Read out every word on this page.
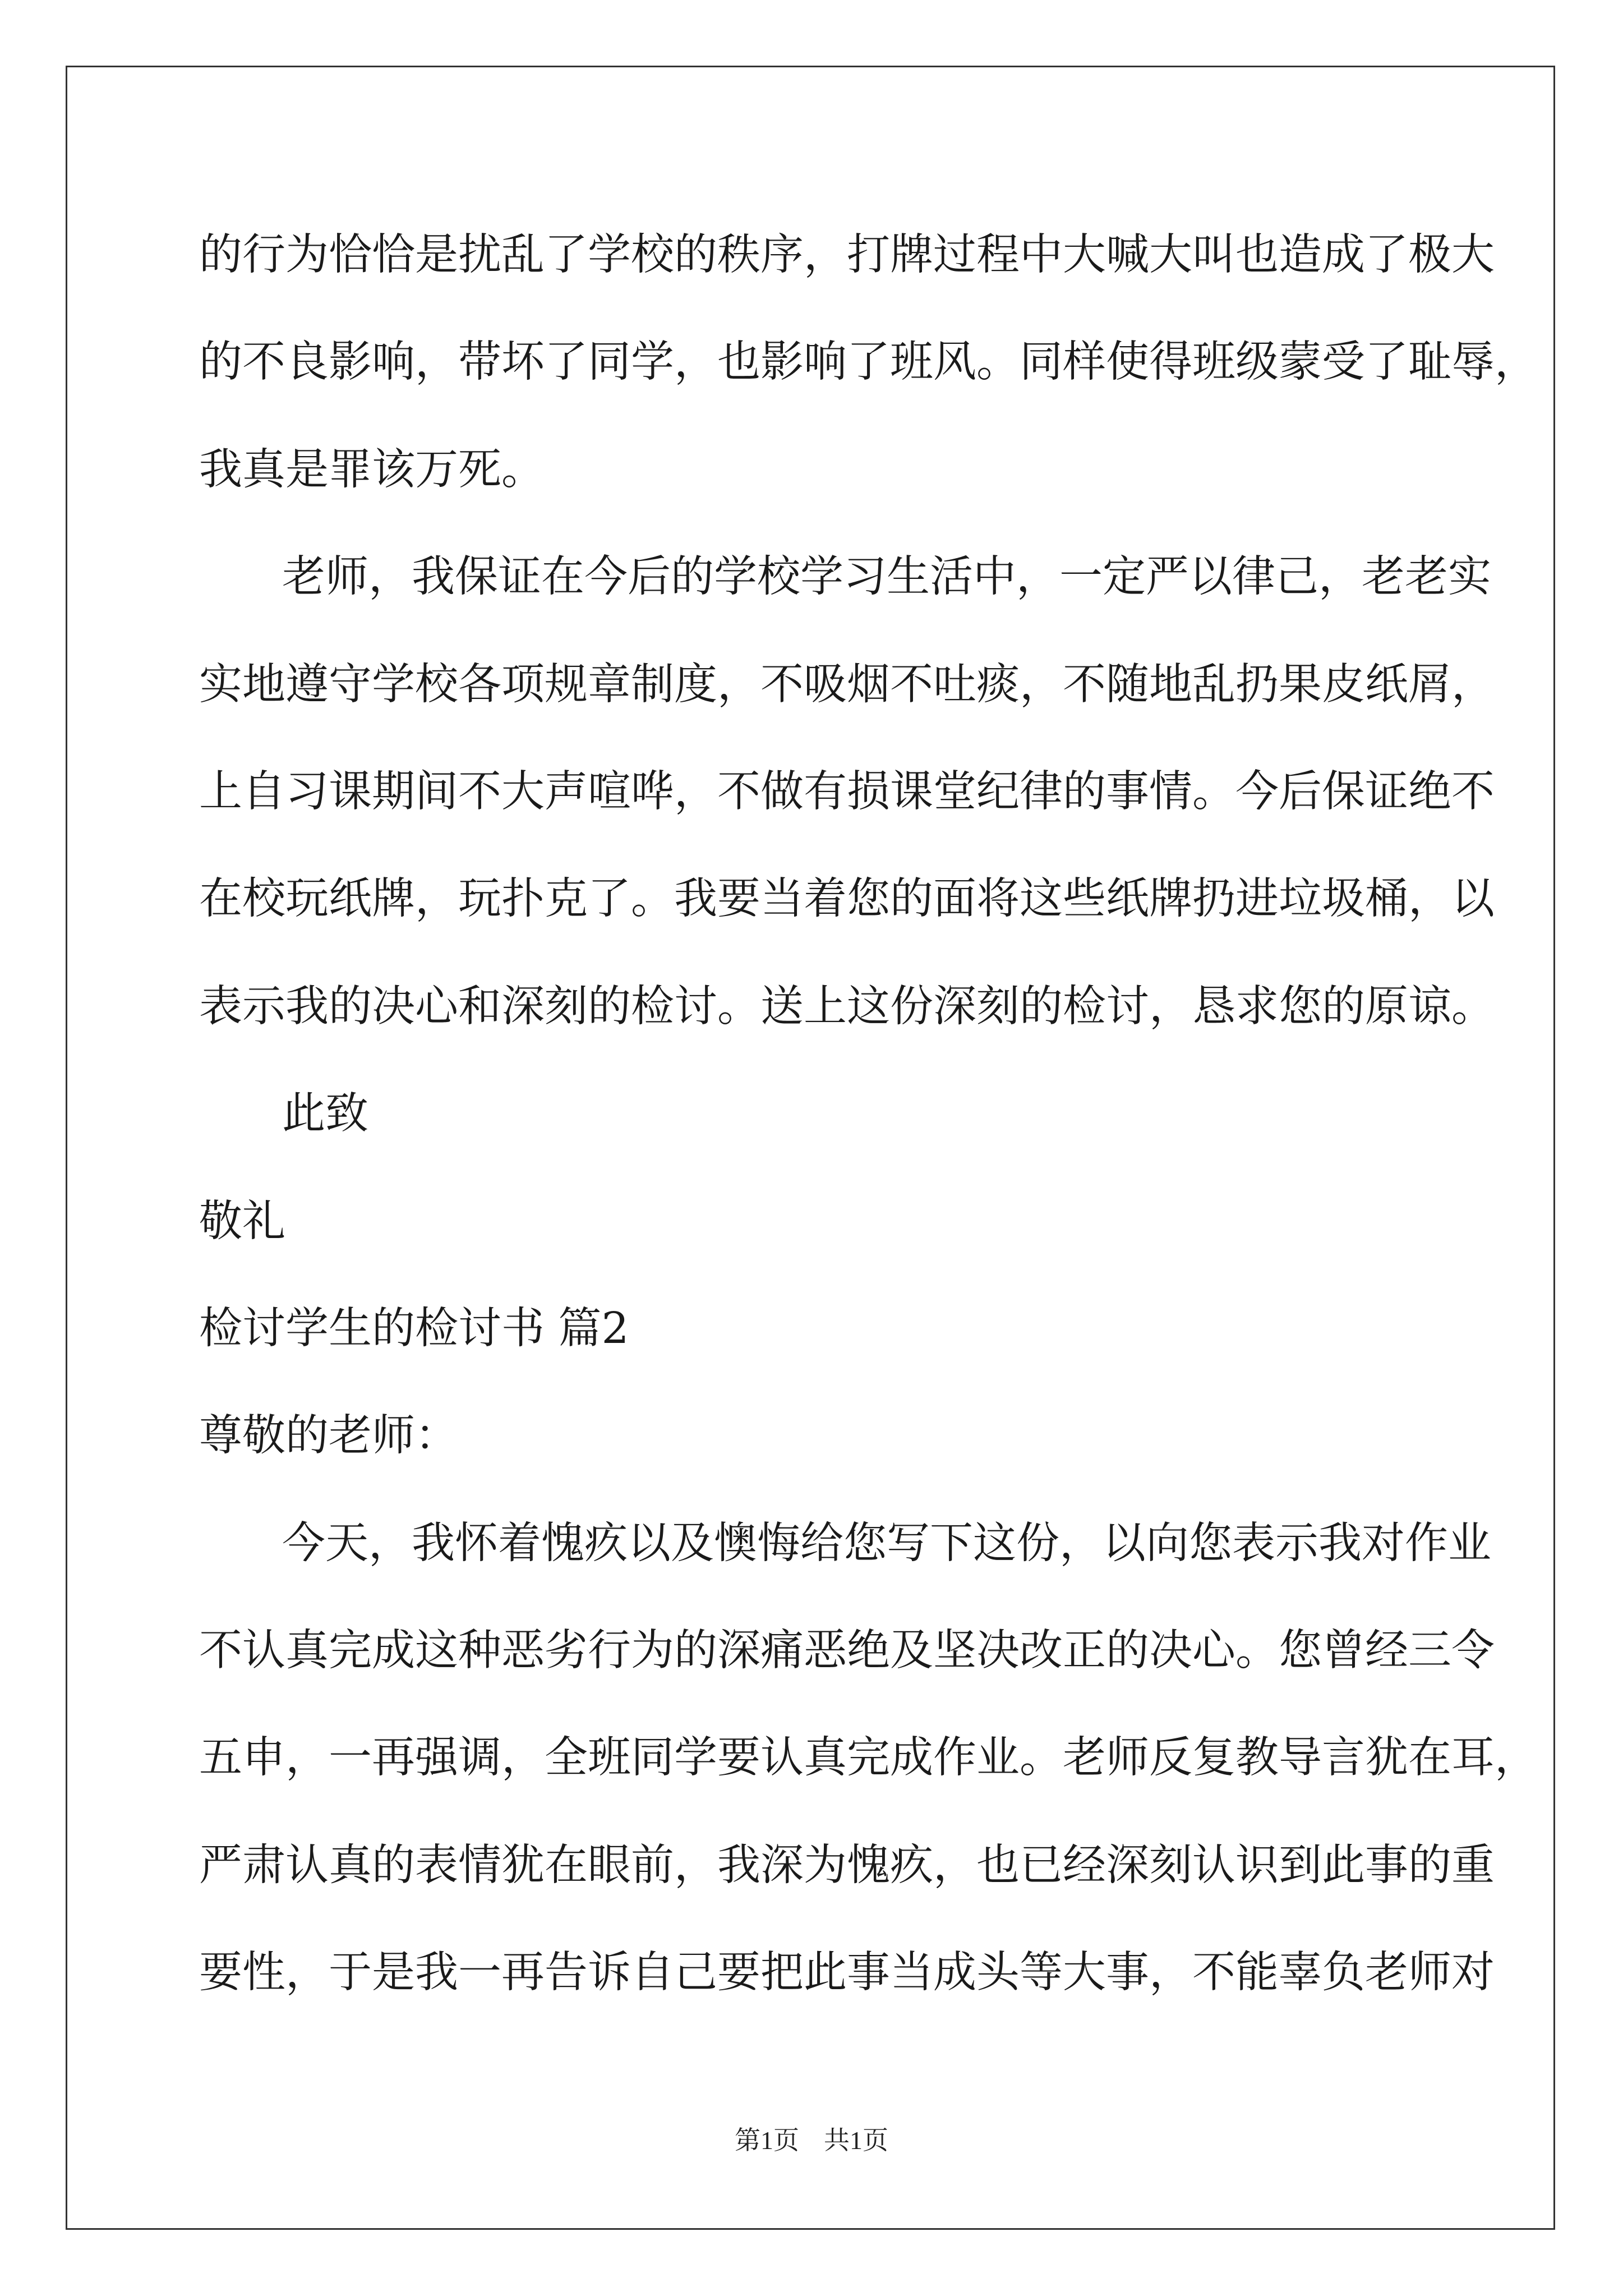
的行为恰恰是扰乱了学校的秩序，打牌过程中大喊大叫也造成了极大
的不良影响，带坏了同学，也影响了班风。同样使得班级蒙受了耻辱，
我真是罪该万死。
老师，我保证在今后的学校学习生活中，一定严以律己，老老实
实地遵守学校各项规章制度，不吸烟不吐痰，不随地乱扔果皮纸屑，
上自习课期间不大声喧哗，不做有损课堂纪律的事情。今后保证绝不
在校玩纸牌，玩扑克了。我要当着您的面将这些纸牌扔进垃圾桶，以
表示我的决心和深刻的检讨。送上这份深刻的检讨，恳求您的原谅。
此致
敬礼
检讨学生的检讨书 篇2
尊敬的老师：
今天，我怀着愧疚以及懊悔给您写下这份，以向您表示我对作业
不认真完成这种恶劣行为的深痛恶绝及坚决改正的决心。您曾经三令
五申，一再强调，全班同学要认真完成作业。老师反复教导言犹在耳，
严肃认真的表情犹在眼前，我深为愧疚，也已经深刻认识到此事的重
要性，于是我一再告诉自己要把此事当成头等大事，不能辜负老师对
第1页 共1页
